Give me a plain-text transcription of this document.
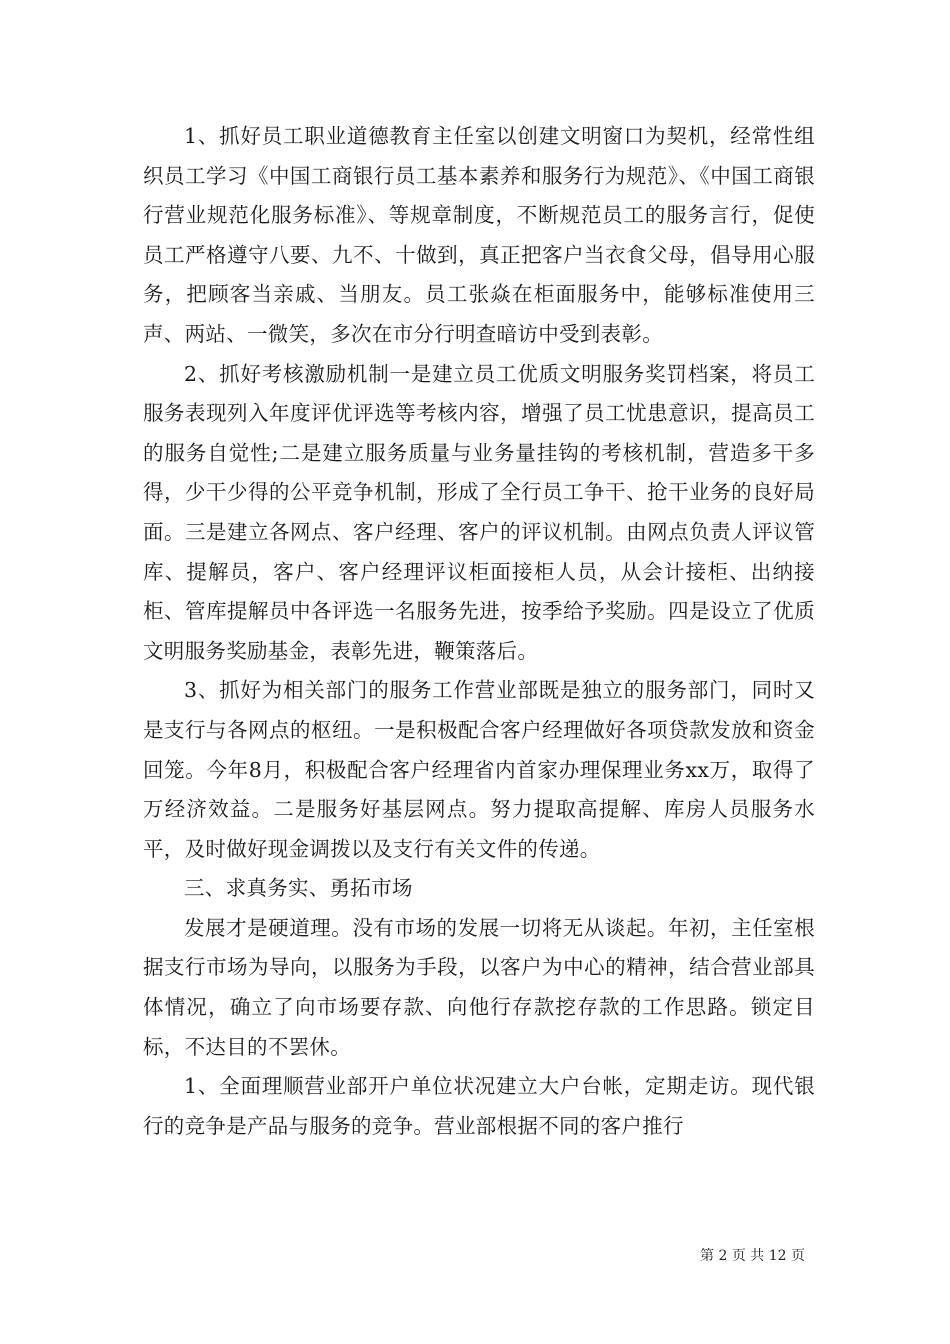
1、抓好员工职业道德教育主任室以创建文明窗口为契机，经常性组织员工学习《中国工商银行员工基本素养和服务行为规范》、《中国工商银行营业规范化服务标准》、等规章制度，不断规范员工的服务言行，促使员工严格遵守八要、九不、十做到，真正把客户当衣食父母，倡导用心服务，把顾客当亲戚、当朋友。员工张焱在柜面服务中，能够标准使用三声、两站、一微笑，多次在市分行明查暗访中受到表彰。

2、抓好考核激励机制一是建立员工优质文明服务奖罚档案，将员工服务表现列入年度评优评选等考核内容，增强了员工忧患意识，提高员工的服务自觉性;二是建立服务质量与业务量挂钩的考核机制，营造多干多得，少干少得的公平竞争机制，形成了全行员工争干、抢干业务的良好局面。三是建立各网点、客户经理、客户的评议机制。由网点负责人评议管库、提解员，客户、客户经理评议柜面接柜人员，从会计接柜、出纳接柜、管库提解员中各评选一名服务先进，按季给予奖励。四是设立了优质文明服务奖励基金，表彰先进，鞭策落后。

3、抓好为相关部门的服务工作营业部既是独立的服务部门，同时又是支行与各网点的枢纽。一是积极配合客户经理做好各项贷款发放和资金回笼。今年8月，积极配合客户经理省内首家办理保理业务xx万，取得了万经济效益。二是服务好基层网点。努力提取高提解、库房人员服务水平，及时做好现金调拨以及支行有关文件的传递。

三、求真务实、勇拓市场

发展才是硬道理。没有市场的发展一切将无从谈起。年初，主任室根据支行市场为导向，以服务为手段，以客户为中心的精神，结合营业部具体情况，确立了向市场要存款、向他行存款挖存款的工作思路。锁定目标，不达目的不罢休。

1、全面理顺营业部开户单位状况建立大户台帐，定期走访。现代银行的竞争是产品与服务的竞争。营业部根据不同的客户推行

第 2 页 共 12 页
